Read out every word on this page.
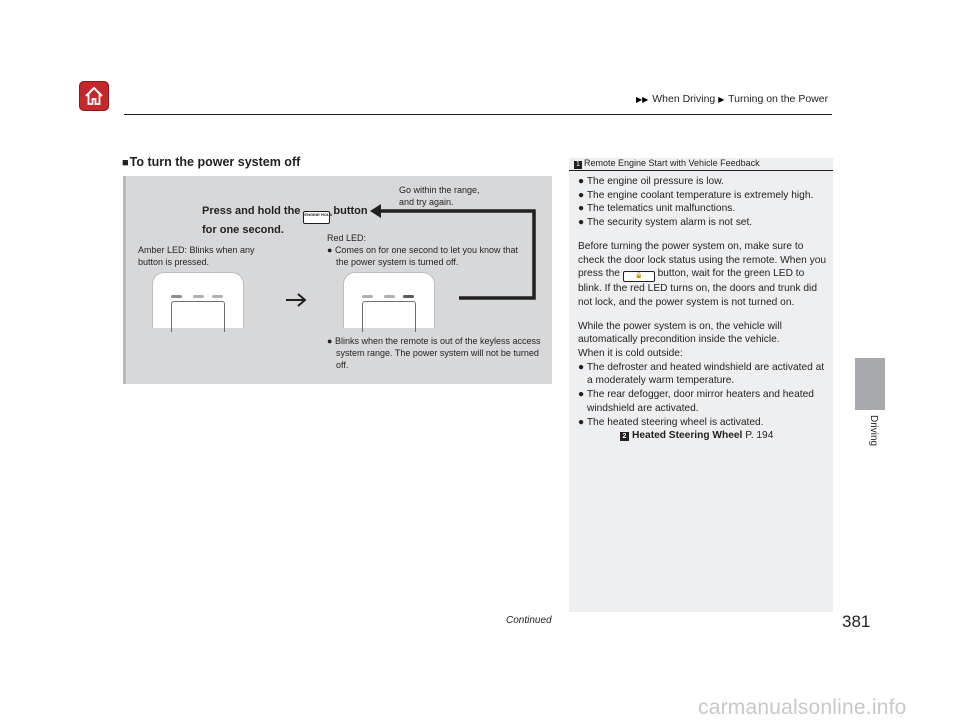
▶▶ When Driving ▶ Turning on the Power
Driving
■To turn the power system off
Press and hold the ENGINE HOLDbutton
for one second.
Go within the range,
and try again.
Amber LED: Blinks when any
button is pressed.
Red LED:

● Comes on for one second to let you know that the power system is turned off.
● Blinks when the remote is out of the keyless access system range. The power system will not be turned off.
1 Remote Engine Start with Vehicle Feedback
● The engine oil pressure is low.
● The engine coolant temperature is extremely high.
● The telematics unit malfunctions.
● The security system alarm is not set.
Before turning the power system on, make sure to check the door lock status using the remote. When you press the	🔒 button, wait for the green LED to blink. If the red LED turns on, the doors and trunk did not lock, and the power system is not turned on.
While the power system is on, the vehicle will automatically precondition inside the vehicle.
When it is cold outside:
● The defroster and heated windshield are activated at a moderately warm temperature.
● The rear defogger, door mirror heaters and heated windshield are activated.
● The heated steering wheel is activated.
2 Heated Steering Wheel P. 194
Continued	381
carmanualsonline.info
